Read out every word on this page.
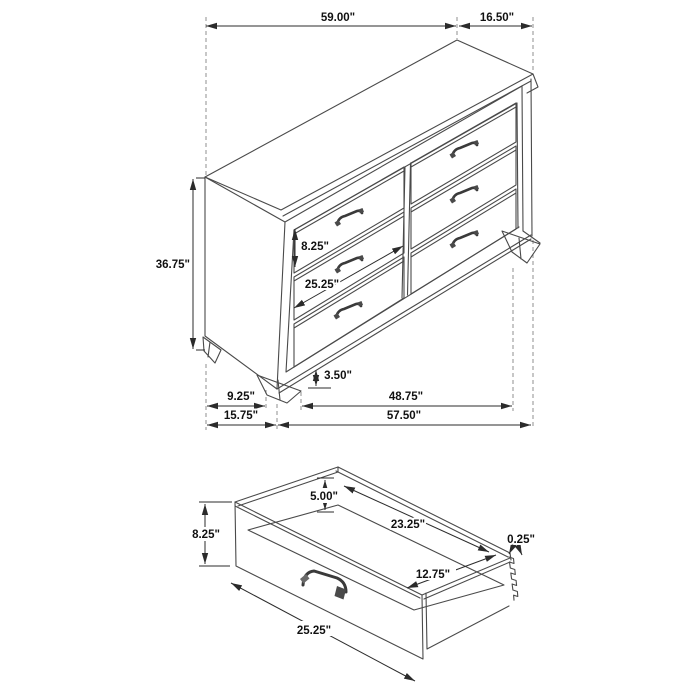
59.00"	16.50"
36.75"
8.25"
25.25"
3.50"
9.25"
15.75"
48.75"
57.50"
5.00"
23.25"
8.25"	0.25"
12.75"
25.25"
